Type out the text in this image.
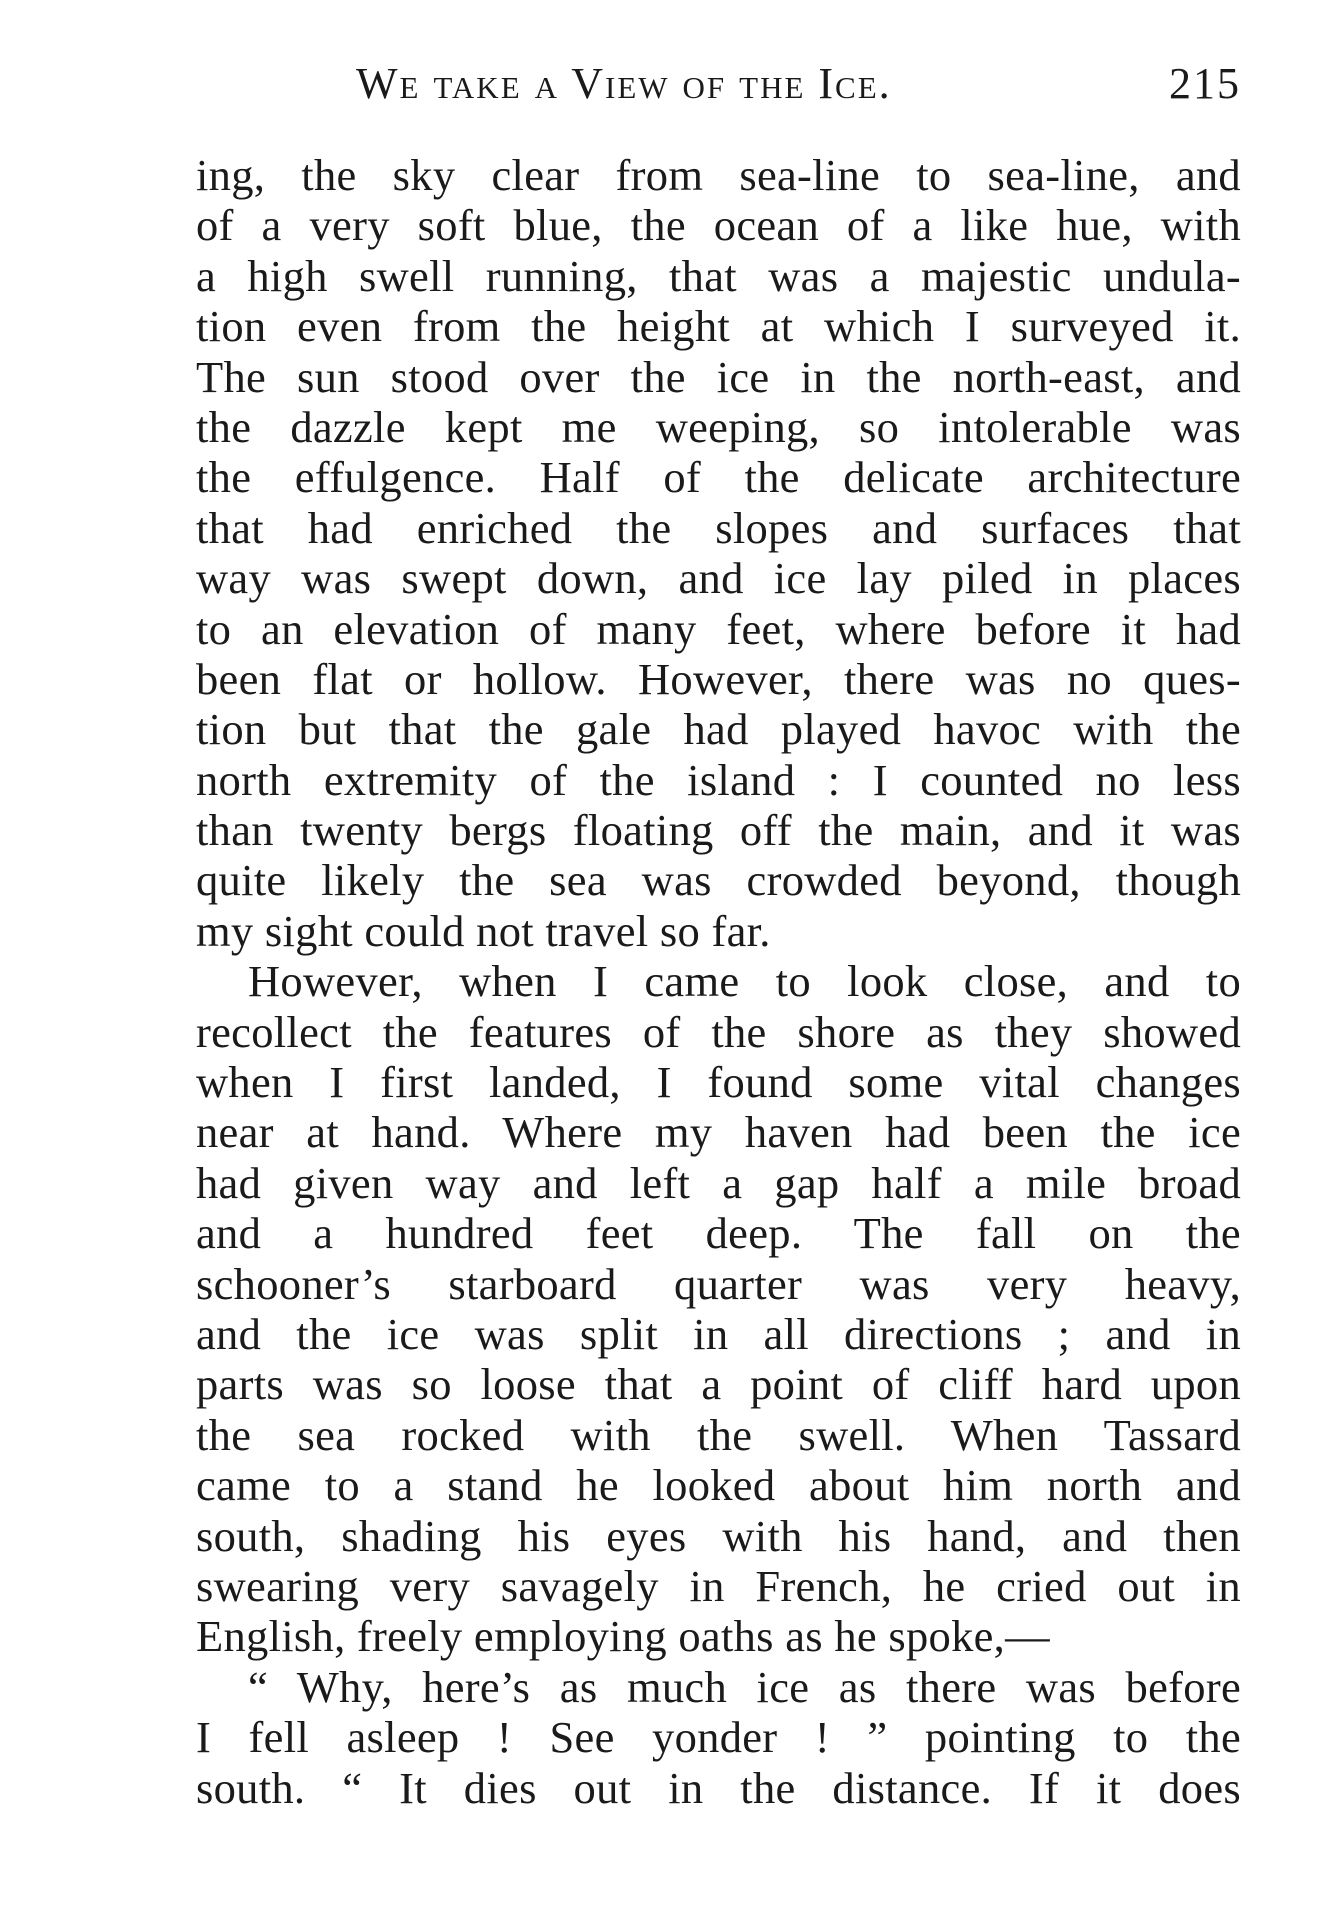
We take a View of the Ice.	215
ing, the sky clear from sea-line to sea-line, and
of a very soft blue, the ocean of a like hue, with
a high swell running, that was a majestic undula-
tion even from the height at which I surveyed it.
The sun stood over the ice in the north-east, and
the dazzle kept me weeping, so intolerable was
the effulgence. Half of the delicate architecture
that had enriched the slopes and surfaces that
way was swept down, and ice lay piled in places
to an elevation of many feet, where before it had
been flat or hollow. However, there was no ques-
tion but that the gale had played havoc with the
north extremity of the island : I counted no less
than twenty bergs floating off the main, and it was
quite likely the sea was crowded beyond, though
my sight could not travel so far.
However, when I came to look close, and to
recollect the features of the shore as they showed
when I first landed, I found some vital changes
near at hand. Where my haven had been the ice
had given way and left a gap half a mile broad
and a hundred feet deep. The fall on the
schooner’s starboard quarter was very heavy,
and the ice was split in all directions ; and in
parts was so loose that a point of cliff hard upon
the sea rocked with the swell. When Tassard
came to a stand he looked about him north and
south, shading his eyes with his hand, and then
swearing very savagely in French, he cried out in
English, freely employing oaths as he spoke,—
“ Why, here’s as much ice as there was before
I fell asleep ! See yonder ! ” pointing to the
south. “ It dies out in the distance. If it does
